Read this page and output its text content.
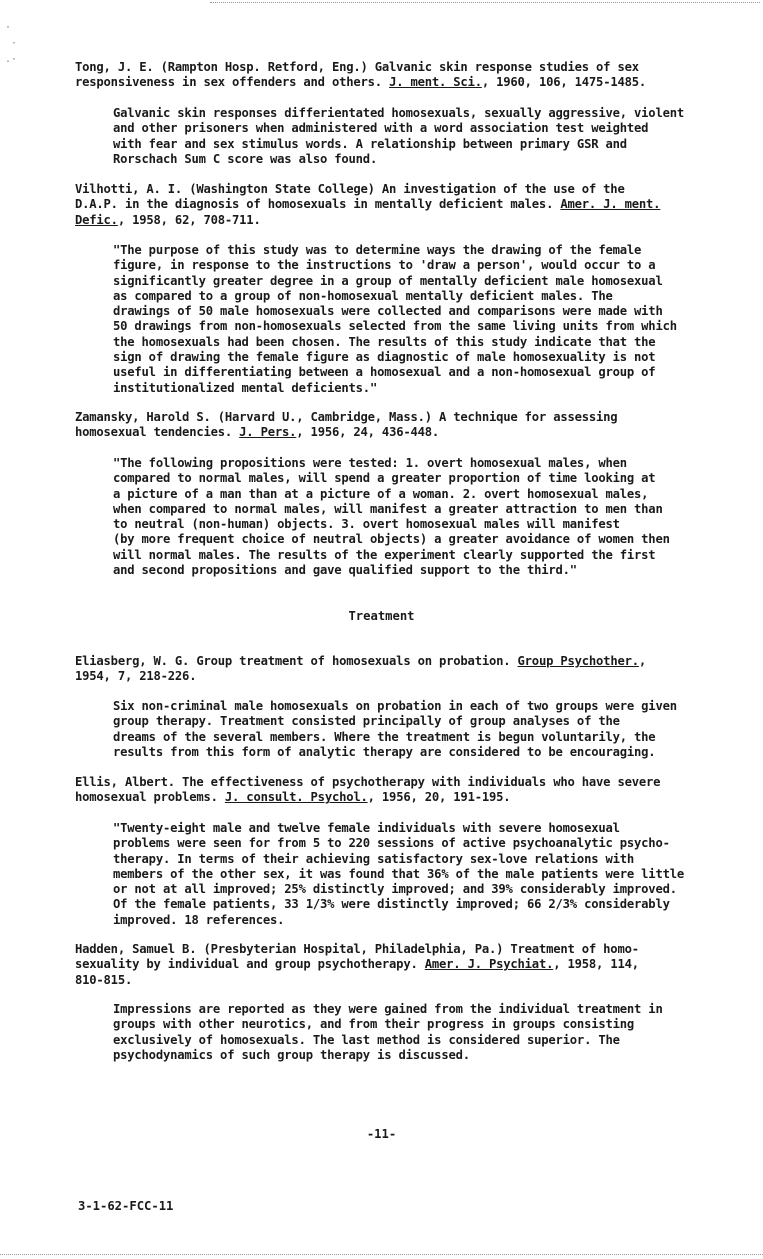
·
·
.·
Tong, J. E. (Rampton Hosp. Retford, Eng.) Galvanic skin response studies of sex
responsiveness in sex offenders and others. J. ment. Sci., 1960, 106, 1475-1485.
Galvanic skin responses differientated homosexuals, sexually aggressive, violent
and other prisoners when administered with a word association test weighted
with fear and sex stimulus words. A relationship between primary GSR and
Rorschach Sum C score was also found.
Vilhotti, A. I. (Washington State College) An investigation of the use of the
D.A.P. in the diagnosis of homosexuals in mentally deficient males. Amer. J. ment.
Defic., 1958, 62, 708-711.
"The purpose of this study was to determine ways the drawing of the female
figure, in response to the instructions to 'draw a person', would occur to a
significantly greater degree in a group of mentally deficient male homosexual
as compared to a group of non-homosexual mentally deficient males. The
drawings of 50 male homosexuals were collected and comparisons were made with
50 drawings from non-homosexuals selected from the same living units from which
the homosexuals had been chosen. The results of this study indicate that the
sign of drawing the female figure as diagnostic of male homosexuality is not
useful in differentiating between a homosexual and a non-homosexual group of
institutionalized mental deficients."
Zamansky, Harold S. (Harvard U., Cambridge, Mass.) A technique for assessing
homosexual tendencies. J. Pers., 1956, 24, 436-448.
"The following propositions were tested: 1. overt homosexual males, when
compared to normal males, will spend a greater proportion of time looking at
a picture of a man than at a picture of a woman. 2. overt homosexual males,
when compared to normal males, will manifest a greater attraction to men than
to neutral (non-human) objects. 3. overt homosexual males will manifest
(by more frequent choice of neutral objects) a greater avoidance of women then
will normal males. The results of the experiment clearly supported the first
and second propositions and gave qualified support to the third."
Treatment
Eliasberg, W. G. Group treatment of homosexuals on probation. Group Psychother.,
1954, 7, 218-226.
Six non-criminal male homosexuals on probation in each of two groups were given
group therapy. Treatment consisted principally of group analyses of the
dreams of the several members. Where the treatment is begun voluntarily, the
results from this form of analytic therapy are considered to be encouraging.
Ellis, Albert. The effectiveness of psychotherapy with individuals who have severe
homosexual problems. J. consult. Psychol., 1956, 20, 191-195.
"Twenty-eight male and twelve female individuals with severe homosexual
problems were seen for from 5 to 220 sessions of active psychoanalytic psycho-
therapy. In terms of their achieving satisfactory sex-love relations with
members of the other sex, it was found that 36% of the male patients were little
or not at all improved; 25% distinctly improved; and 39% considerably improved.
Of the female patients, 33 1/3% were distinctly improved; 66 2/3% considerably
improved. 18 references.
Hadden, Samuel B. (Presbyterian Hospital, Philadelphia, Pa.) Treatment of homo-
sexuality by individual and group psychotherapy. Amer. J. Psychiat., 1958, 114,
810-815.
Impressions are reported as they were gained from the individual treatment in
groups with other neurotics, and from their progress in groups consisting
exclusively of homosexuals. The last method is considered superior. The
psychodynamics of such group therapy is discussed.
-11-
3-1-62-FCC-11
